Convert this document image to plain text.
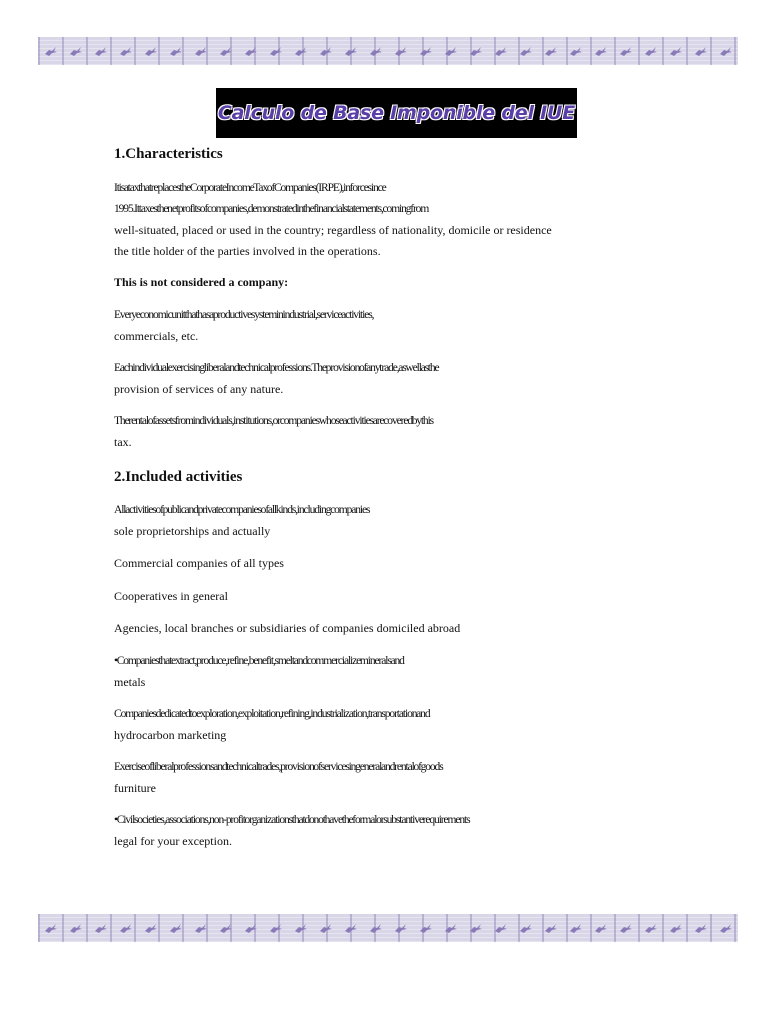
Calculo de Base Imponible del IUE
1.Characteristics

It is a tax that replaces the Corporate Income Tax of Companies (IRPE), in force since

1995. It taxes the net profits of companies, demonstrated in the financial statements, coming from

well-situated, placed or used in the country; regardless of nationality, domicile or residence

the title holder of the parties involved in the operations.

This is not considered a company:

Every economic unit that has a productive system in industrial, service activities,

commercials, etc.

Each individual exercising liberal and technical professions. The provision of any trade, as well as the

provision of services of any nature.

The rental of assets from individuals, institutions, or companies whose activities are covered by this

tax.

2.Included activities

All activities of public and private companies of all kinds, including companies

sole proprietorships and actually

Commercial companies of all types

Cooperatives in general

Agencies, local branches or subsidiaries of companies domiciled abroad

• Companies that extract, produce, refine, benefit, smelt and commercialize minerals and

metals

Companies dedicated to exploration, exploitation, refining, industrialization, transportation and

hydrocarbon marketing

Exercise of liberal professions and technical trades, provision of services in general and rental of goods

furniture

• Civil societies, associations, non-profit organizations that do not have the formal or substantive requirements

legal for your exception.
